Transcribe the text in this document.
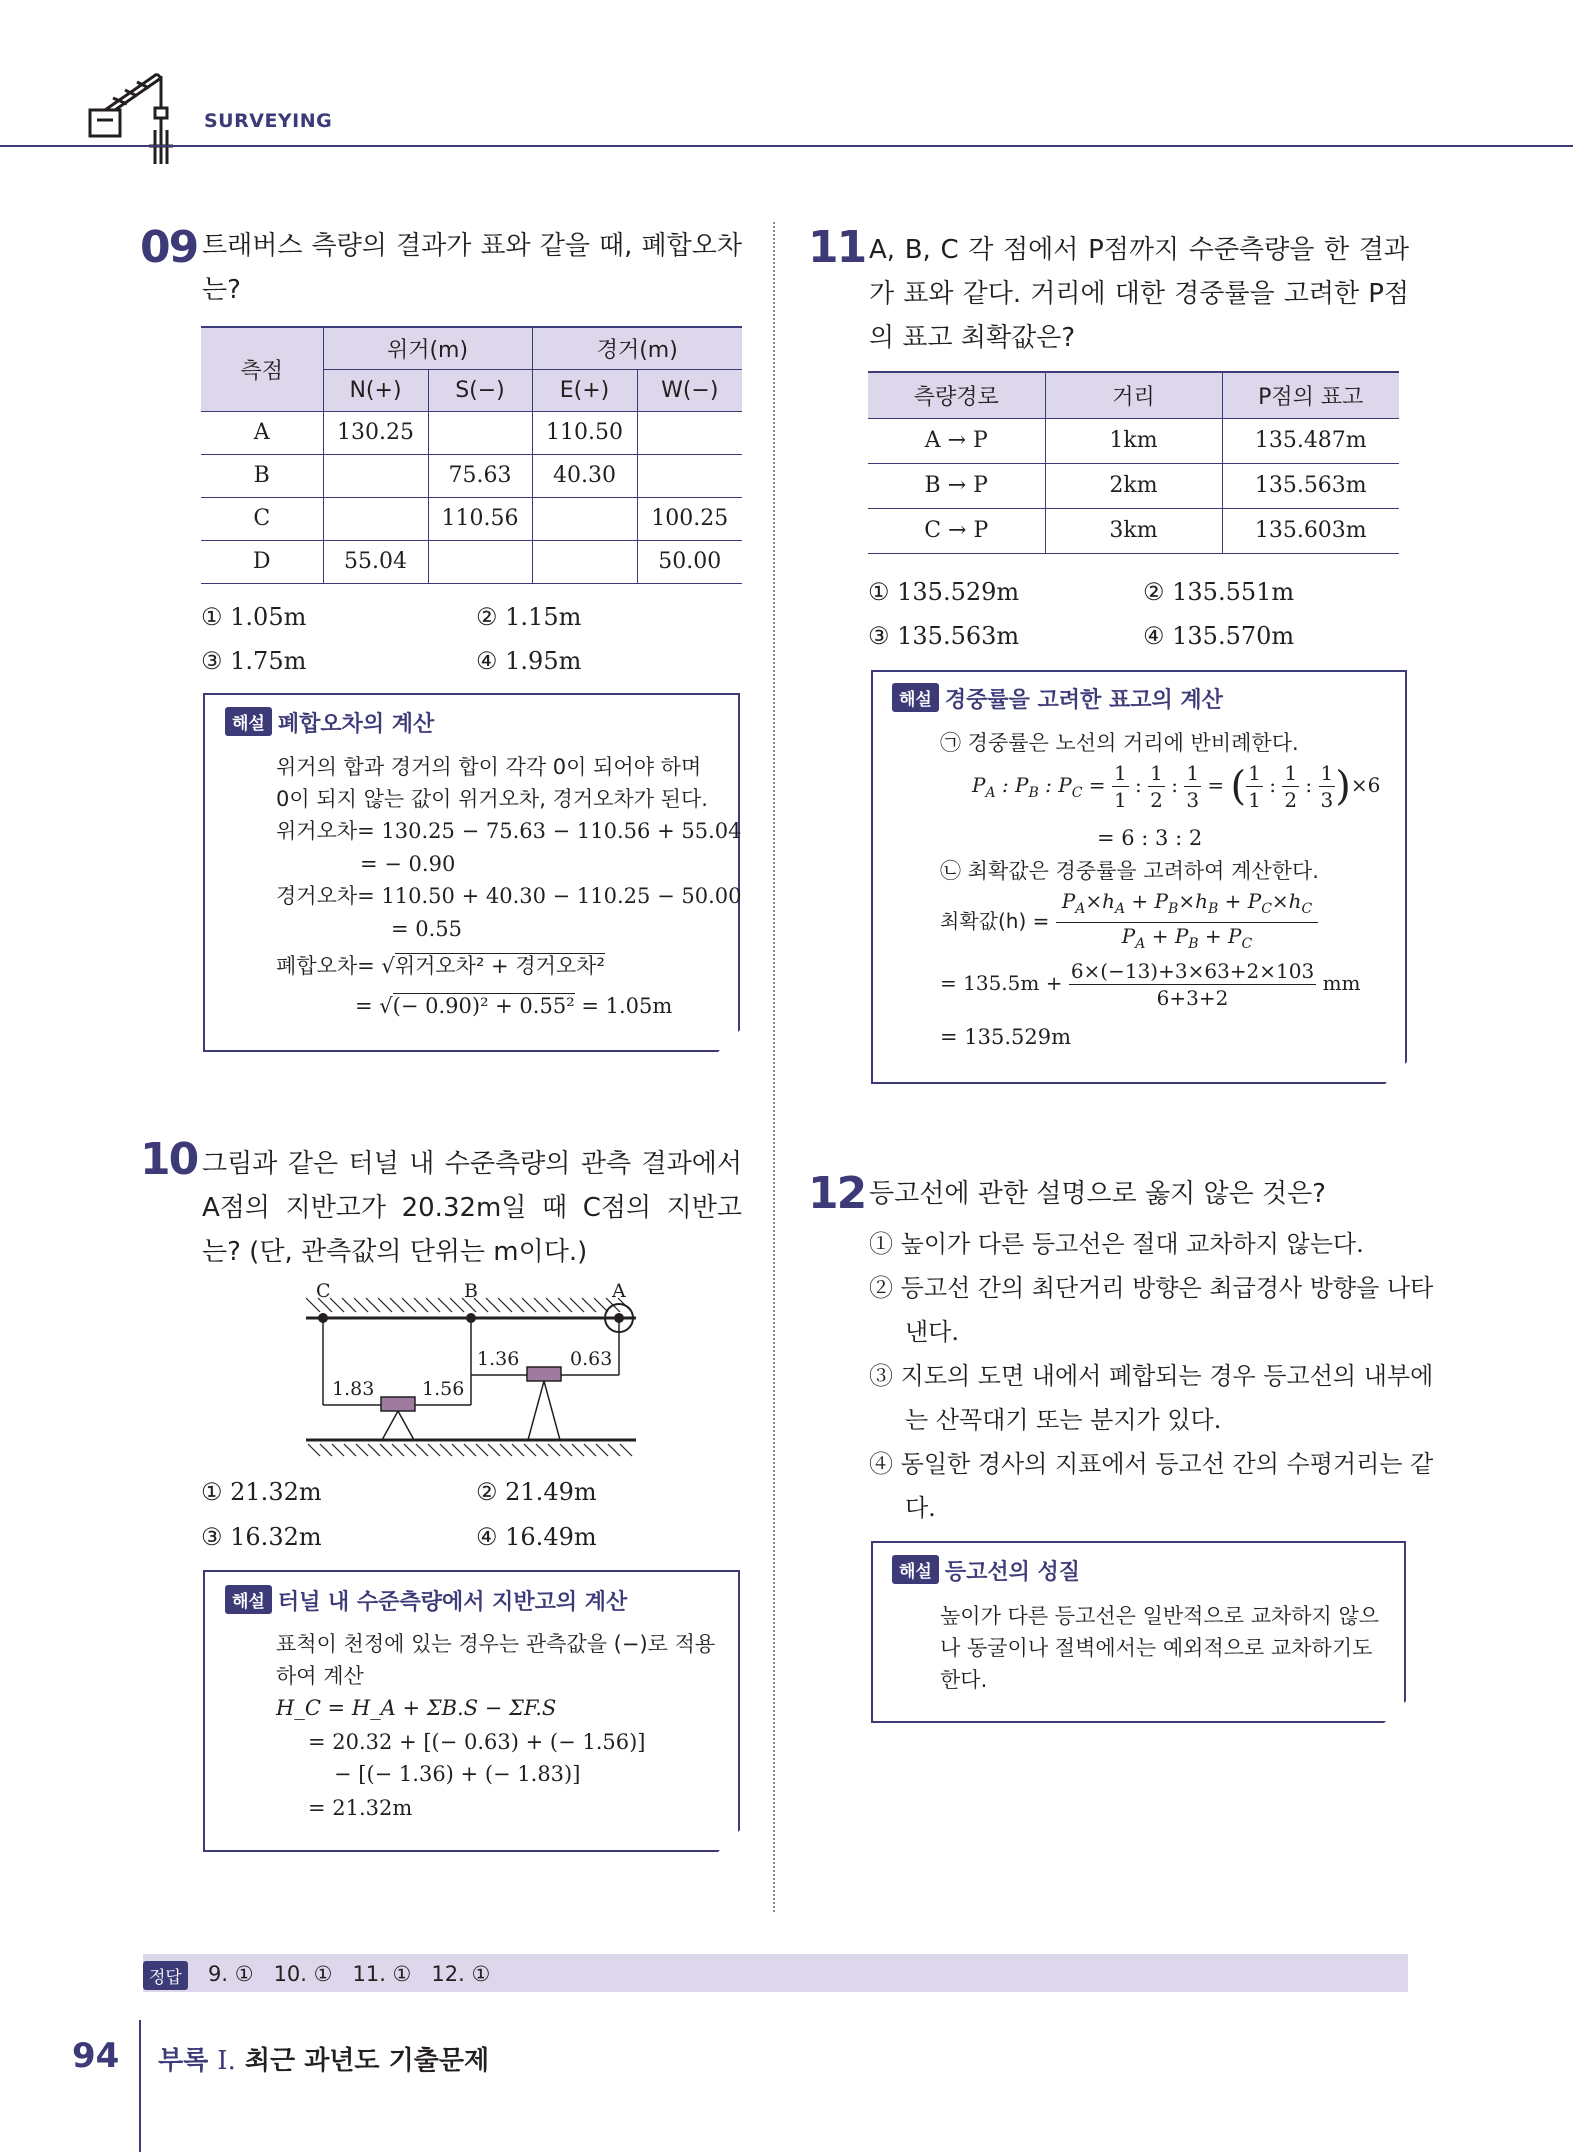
SURVEYING
09 트래버스 측량의 결과가 표와 같을 때, 폐합오차는?
측점	위거(m)		경거(m)	
	N(+)	S(−)	E(+)	W(−)
A	130.25		110.50	
B		75.63	40.30	
C		110.56		100.25
D	55.04			50.00
① 1.05m	② 1.15m
③ 1.75m	④ 1.95m
해설 폐합오차의 계산
위거의 합과 경거의 합이 각각 0이 되어야 하며
0이 되지 않는 값이 위거오차, 경거오차가 된다.
위거오차= 130.25 − 75.63 − 110.56 + 55.04
= − 0.90
경거오차= 110.50 + 40.30 − 110.25 − 50.00
= 0.55
폐합오차= √위거오차² + 경거오차²
= √(− 0.90)² + 0.55² = 1.05m
10 그림과 같은 터널 내 수준측량의 관측 결과에서 A점의 지반고가 20.32m일 때 C점의 지반고는? (단, 관측값의 단위는 m이다.)
C	B	A
1.83	1.56
1.36	0.63
① 21.32m	② 21.49m
③ 16.32m	④ 16.49m
해설 터널 내 수준측량에서 지반고의 계산
표척이 천정에 있는 경우는 관측값을 (−)로 적용
하여 계산
H_C = H_A + ΣB.S − ΣF.S
= 20.32 + [(− 0.63) + (− 1.56)]
− [(− 1.36) + (− 1.83)]
= 21.32m
11 A, B, C 각 점에서 P점까지 수준측량을 한 결과가 표와 같다. 거리에 대한 경중률을 고려한 P점의 표고 최확값은?
측량경로	거리	P점의 표고
A → P	1km	135.487m
B → P	2km	135.563m
C → P	3km	135.603m
① 135.529m	② 135.551m
③ 135.563m	④ 135.570m
해설 경중률을 고려한 표고의 계산
㉠ 경중률은 노선의 거리에 반비례한다.
$P_A$ : $P_B$ : $P_C = \frac{1}{1}$ : $\frac{1}{2}$ : $\frac{1}{3}$ = ( $\frac{1}{1}$ : $\frac{1}{2}$ : $\frac{1}{3} )\times 6$
= 6 : 3 : 2
㉡ 최확값은 경중률을 고려하여 계산한다.
최확값$(h) = \frac{P_A\times h_A + P_B\times h_B + P_C\times h_C}{P_A + P_B + P_C}$
= $135.5m + \frac{6\times(-13)+3\times 63+2\times 103}{6+3+2}$ mm
= 135.529m
12 등고선에 관한 설명으로 옳지 않은 것은?
① 높이가 다른 등고선은 절대 교차하지 않는다.
② 등고선 간의 최단거리 방향은 최급경사 방향을 나타낸다.
③ 지도의 도면 내에서 폐합되는 경우 등고선의 내부에는 산꼭대기 또는 분지가 있다.
④ 동일한 경사의 지표에서 등고선 간의 수평거리는 같다.
해설 등고선의 성질
높이가 다른 등고선은 일반적으로 교차하지 않으
나 동굴이나 절벽에서는 예외적으로 교차하기도
한다.
정답 9. ①   10. ①   11. ①   12. ①
94 부록 Ⅰ. 최근 과년도 기출문제
